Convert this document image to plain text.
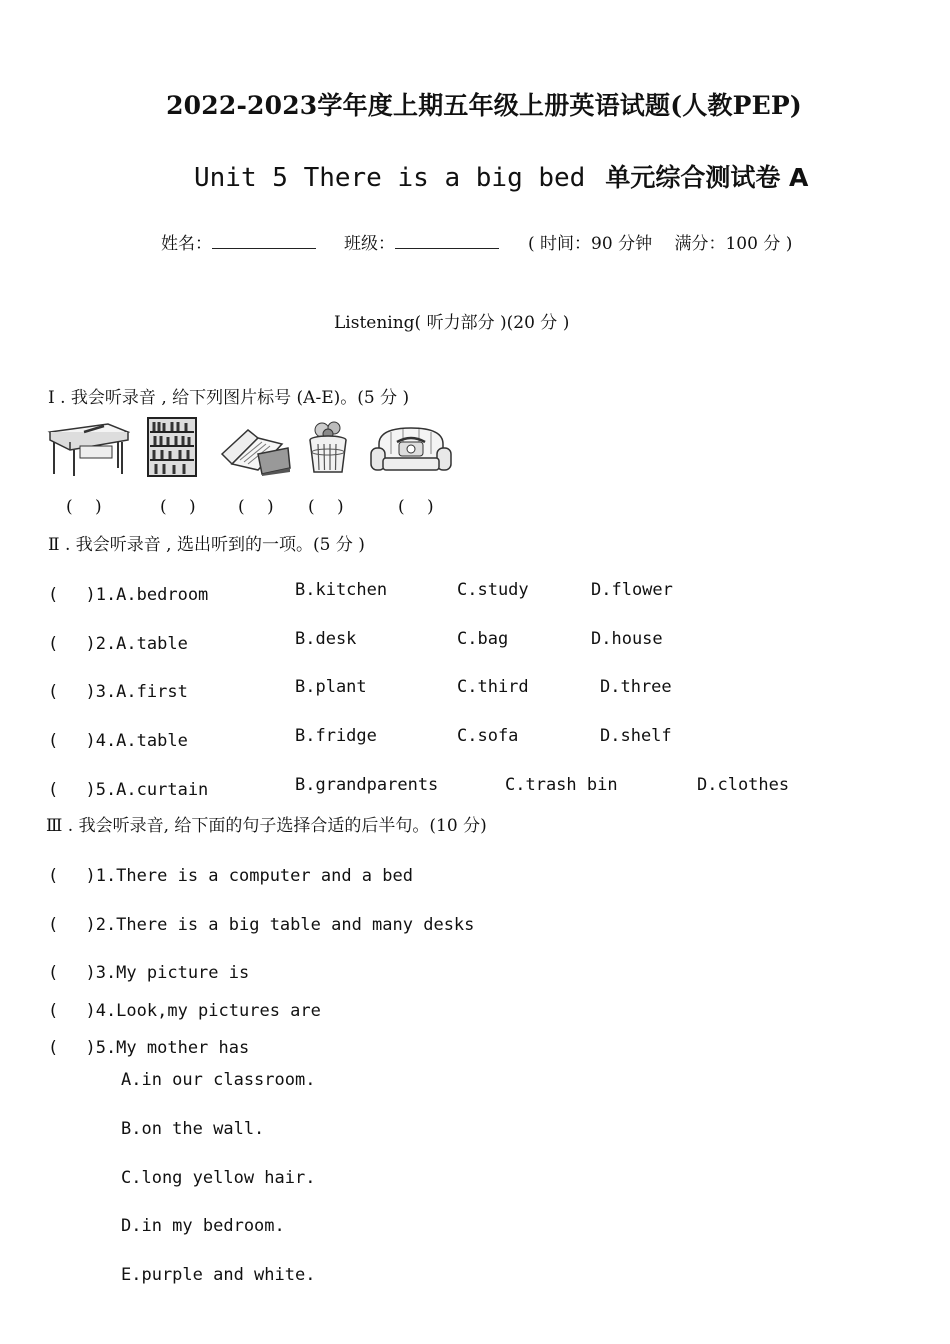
2022-2023学年度上期五年级上册英语试题(人教PEP)
Unit 5 There is a big bed 单元综合测试卷 A
姓名：	班级：	( 时间：90 分钟　 满分：100 分 )
Listening( 听力部分 )(20 分 )
Ⅰ . 我会听录音 , 给下列图片标号 (A-E)。(5 分 )
(　 )	(　 ) (　 ) (　 )	(　 )
Ⅱ . 我会听录音 , 选出听到的一项。(5 分 )
(　 )1.A.bedroom	B.kitchen	C.study	D.flower
(　 )2.A.table	B.desk	C.bag	D.house
(　 )3.A.first	B.plant	C.third	D.three
(　 )4.A.table	B.fridge	C.sofa	D.shelf
(　 )5.A.curtain	B.grandparents	C.trash bin	D.clothes
Ⅲ . 我会听录音, 给下面的句子选择合适的后半句。(10 分)
(　 )1.There is a computer and a bed
(　 )2.There is a big table and many desks
(　 )3.My picture is
(　 )4.Look,my pictures are
(　 )5.My mother has
A.in our classroom.
B.on the wall.
C.long yellow hair.
D.in my bedroom.
E.purple and white.
